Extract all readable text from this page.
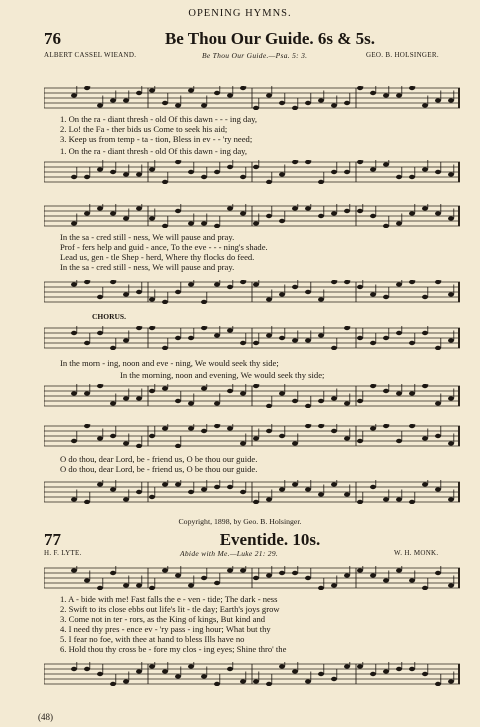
OPENING HYMNS.
76	Be Thou Our Guide. 6s & 5s.
ALBERT CASSEL WIEAND.	Be Thou Our Guide.—Psa. 5: 3.	GEO. B. HOLSINGER.
1. On the ra - diant thresh - old Of this dawn - - - ing day,
2. Lo! the Fa - ther bids us Come to seek his aid;
3. Keep us from temp - ta - tion, Bless in ev - - 'ry need;
1. On the ra - diant thresh - old Of this dawn - ing day,
In the sa - cred still - ness, We will pause and pray.
Prof - fers help and guid - ance, To the eve - - - ning's shade.
Lead us, gen - tle Shep - herd, Where thy flocks do feed.
In the sa - cred still - ness, We will pause and pray.
CHORUS.
In the morn - ing, noon and eve - ning, We would seek thy side;
In the morning, noon and evening, We would seek thy side;
O do thou, dear Lord, be - friend us, O be thou our guide.
O do thou, dear Lord, be - friend us, O be thou our guide.
Copyright, 1898, by Geo. B. Holsinger.
77	Eventide. 10s.
H. F. LYTE.	Abide with Me.—Luke 21: 29.	W. H. MONK.
1. A - bide with me! Fast falls the e - ven - tide; The dark - ness
2. Swift to its close ebbs out life's lit - tle day; Earth's joys grow
3. Come not in ter - rors, as the King of kings, But kind and
4. I need thy pres - ence ev - 'ry pass - ing hour; What but thy
5. I fear no foe, with thee at hand to bless Ills have no
6. Hold thou thy cross be - fore my clos - ing eyes; Shine thro' the
(48)
